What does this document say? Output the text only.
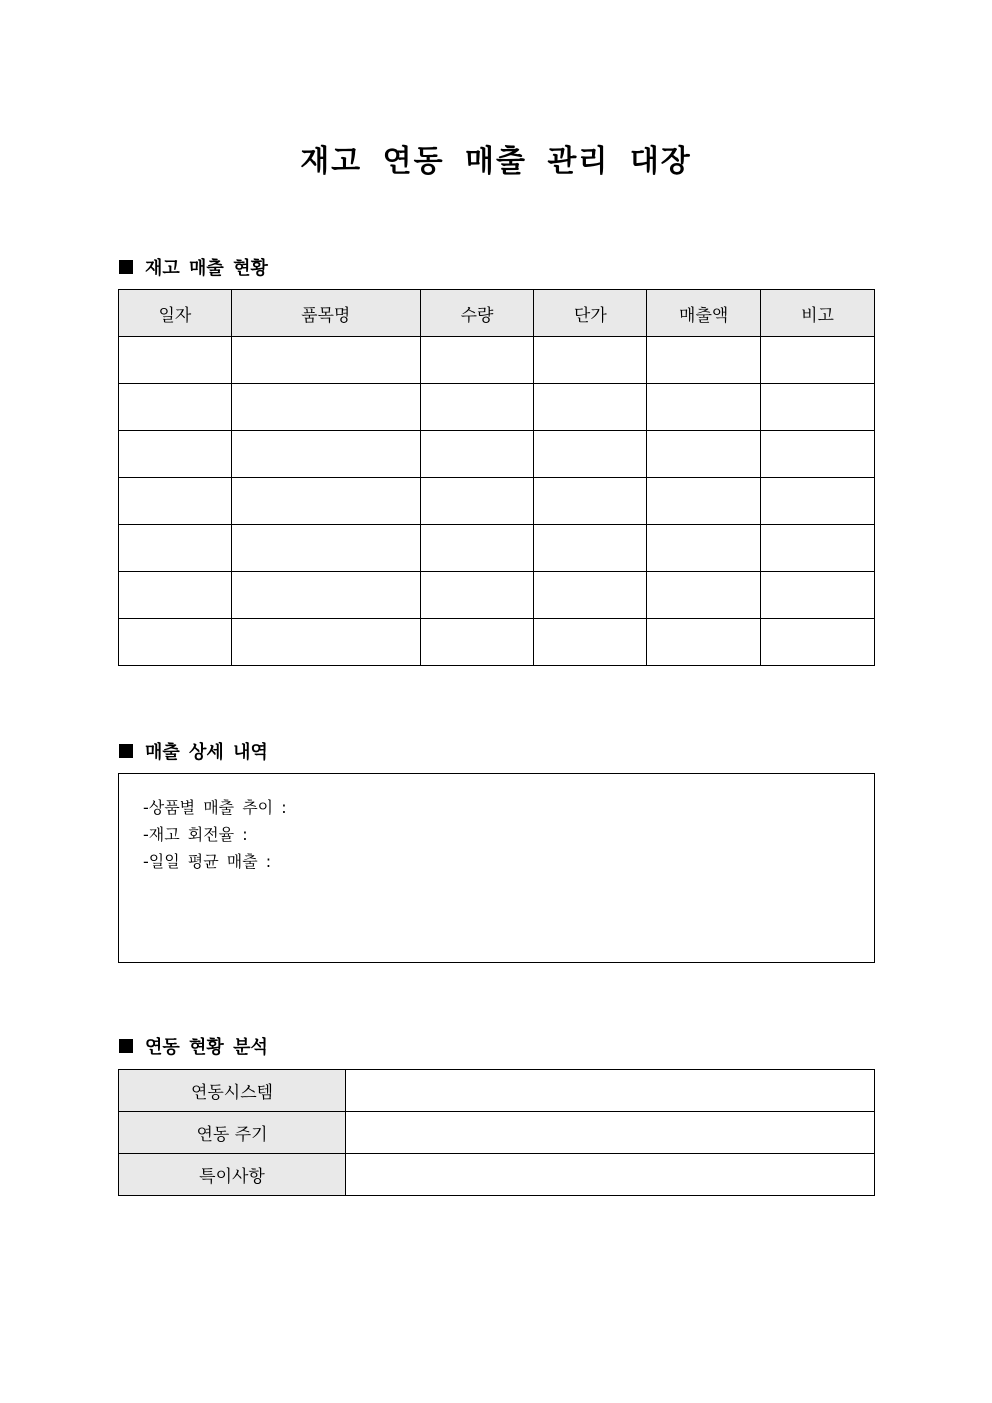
재고 연동 매출 관리 대장
재고 매출 현황
일자	품목명	수량	단가	매출액	비고

매출 상세 내역
-상품별 매출 추이 :
-재고 회전율 :
-일일 평균 매출 :
연동 현황 분석
연동시스템	
연동 주기	
특이사항	
